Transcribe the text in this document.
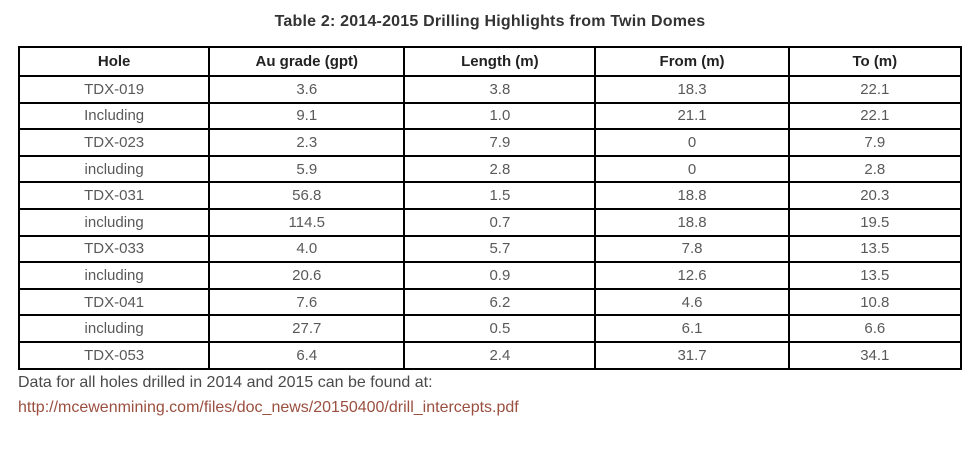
Table 2: 2014-2015 Drilling Highlights from Twin Domes
Hole	Au grade (gpt)	Length (m)	From (m)	To (m)
TDX-019	3.6	3.8	18.3	22.1
Including	9.1	1.0	21.1	22.1
TDX-023	2.3	7.9	0	7.9
including	5.9	2.8	0	2.8
TDX-031	56.8	1.5	18.8	20.3
including	114.5	0.7	18.8	19.5
TDX-033	4.0	5.7	7.8	13.5
including	20.6	0.9	12.6	13.5
TDX-041	7.6	6.2	4.6	10.8
including	27.7	0.5	6.1	6.6
TDX-053	6.4	2.4	31.7	34.1
Data for all holes drilled in 2014 and 2015 can be found at:
http://mcewenmining.com/files/doc_news/20150400/drill_intercepts.pdf
